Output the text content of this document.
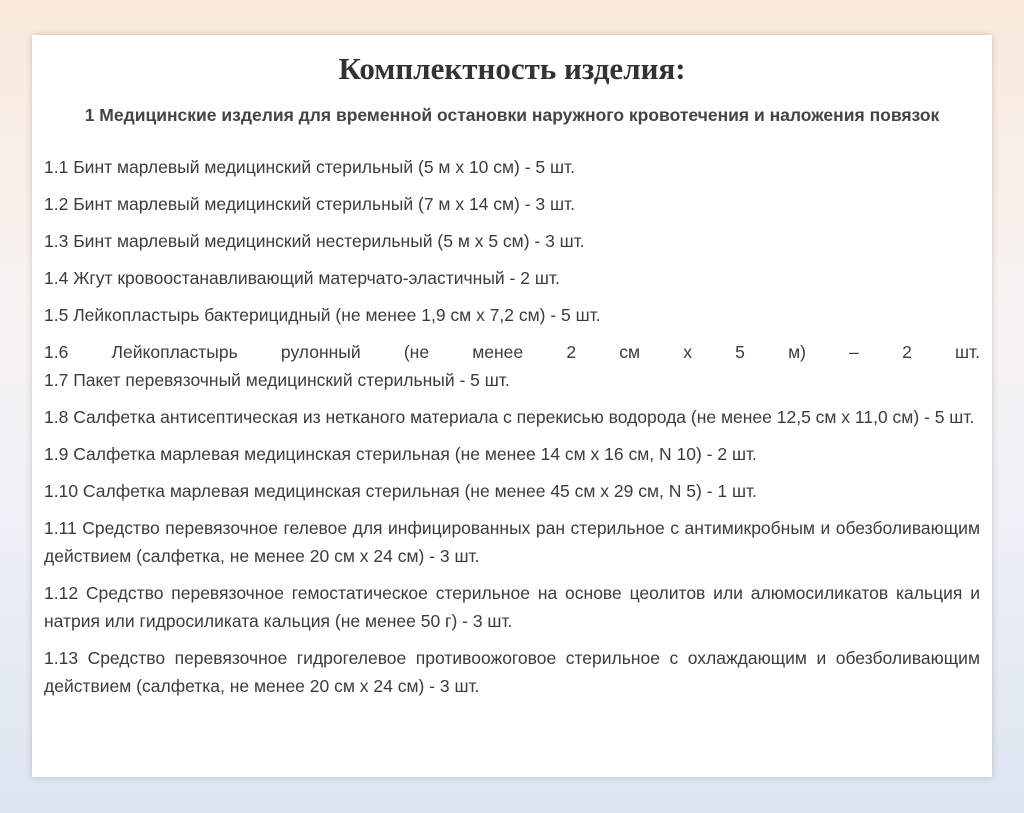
Комплектность изделия:
1 Медицинские изделия для временной остановки наружного кровотечения и наложения повязок
1.1 Бинт марлевый медицинский стерильный (5 м х 10 см) - 5 шт.
1.2 Бинт марлевый медицинский стерильный (7 м х 14 см) - 3 шт.
1.3 Бинт марлевый медицинский нестерильный (5 м х 5 см) - 3 шт.
1.4 Жгут кровоостанавливающий матерчато-эластичный - 2 шт.
1.5 Лейкопластырь бактерицидный (не менее 1,9 см х 7,2 см) - 5 шт.
1.6 Лейкопластырь рулонный (не менее 2 см х 5 м) – 2 шт.
1.7 Пакет перевязочный медицинский стерильный - 5 шт.
1.8 Салфетка антисептическая из нетканого материала с перекисью водорода (не менее 12,5 см х 11,0 см) - 5 шт.
1.9 Салфетка марлевая медицинская стерильная (не менее 14 см х 16 см, N 10) - 2 шт.
1.10 Салфетка марлевая медицинская стерильная (не менее 45 см х 29 см, N 5) - 1 шт.
1.11 Средство перевязочное гелевое для инфицированных ран стерильное с антимикробным и обезболивающим действием (салфетка, не менее 20 см х 24 см) - 3 шт.
1.12 Средство перевязочное гемостатическое стерильное на основе цеолитов или алюмосиликатов кальция и натрия или гидросиликата кальция (не менее 50 г) - 3 шт.
1.13 Средство перевязочное гидрогелевое противоожоговое стерильное с охлаждающим и обезболивающим действием (салфетка, не менее 20 см х 24 см) - 3 шт.
